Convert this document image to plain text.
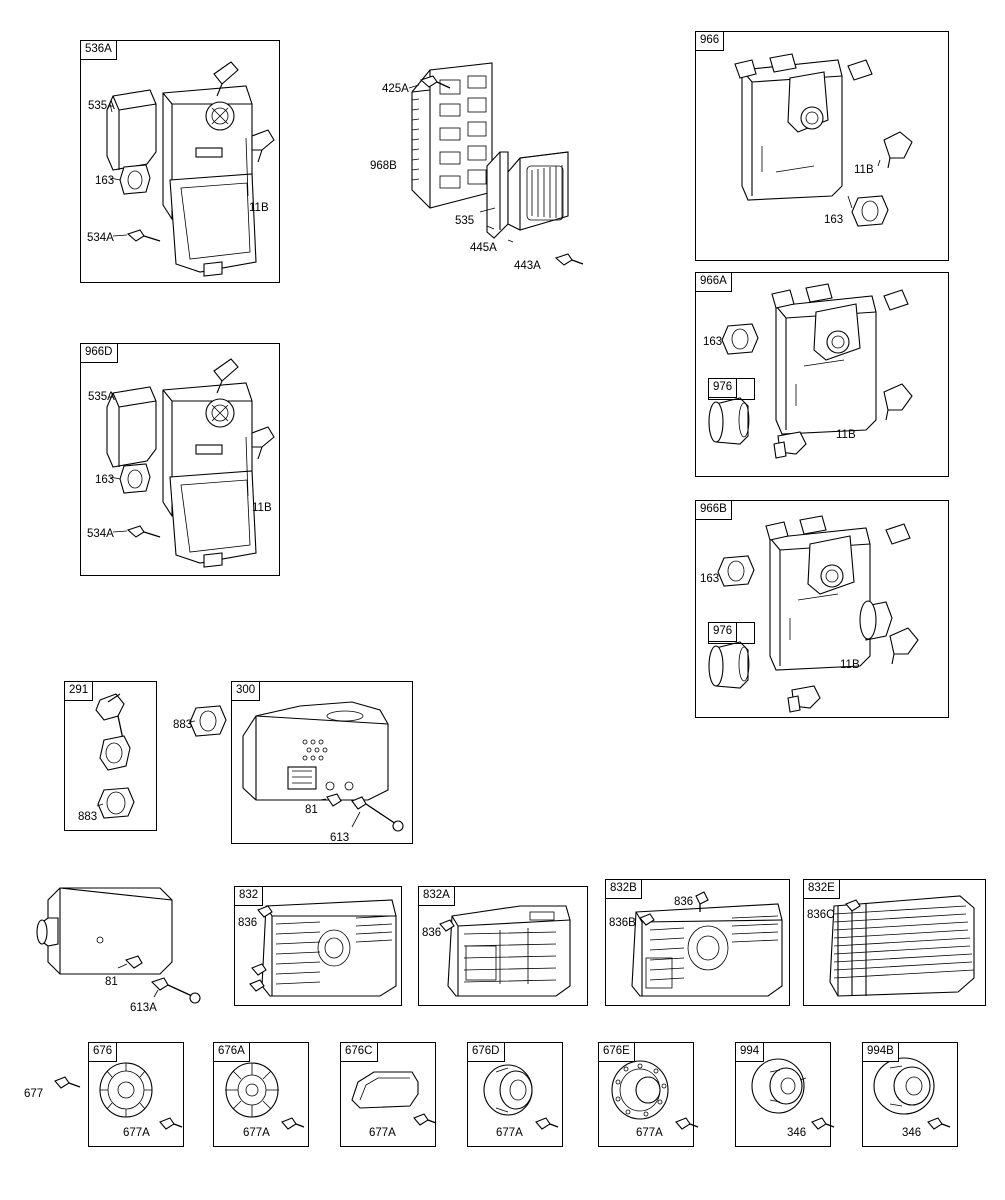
536A
535A
163
534A
11B
966D
535A
163
534A
11B
966
11B
163
966A
163
11B
966B
163
11B
976
976
291
883
300
81
613
832
836
832A
836
832B
836
836B
832E
836C
676
677A
676A
677A
676C
677A
676D
677A
676E
677A
994
346
994B
346
425A
968B
535
445A
443A
883
81
613A
677
